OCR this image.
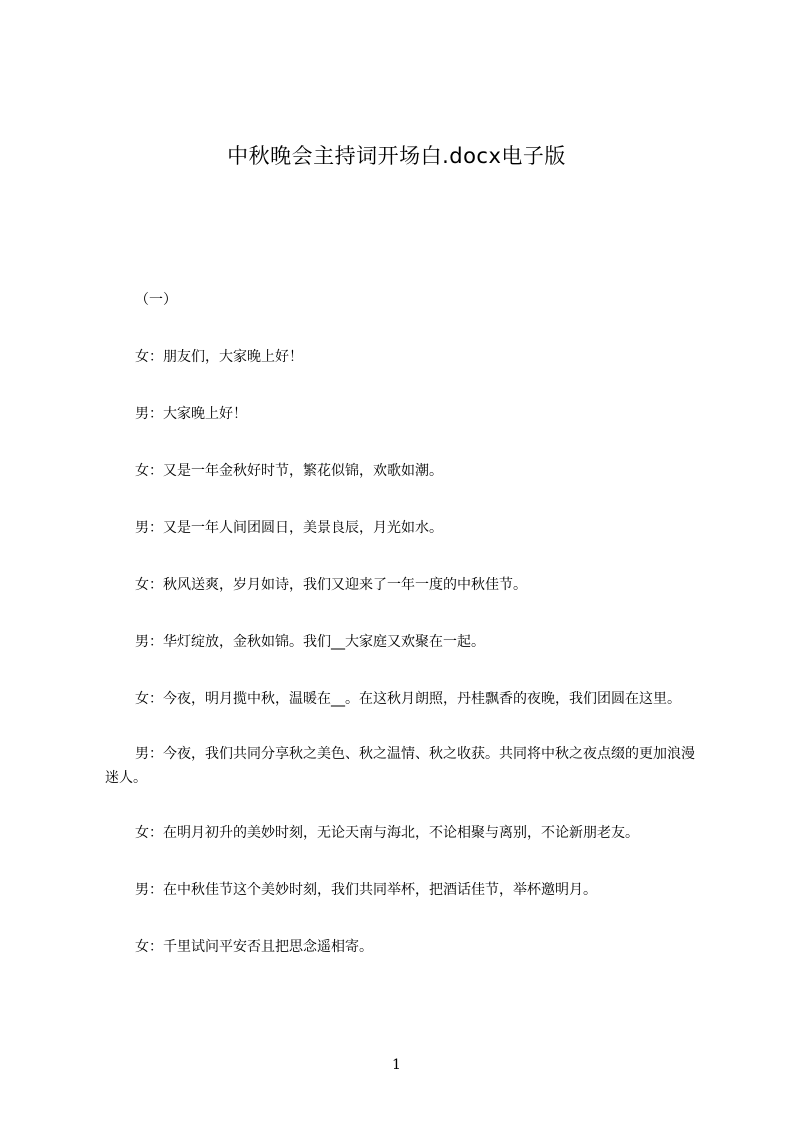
中秋晚会主持词开场白.docx电子版

（一）

女：朋友们，大家晚上好！

男：大家晚上好！

女：又是一年金秋好时节，繁花似锦，欢歌如潮。

男：又是一年人间团圆日，美景良辰，月光如水。

女：秋风送爽，岁月如诗，我们又迎来了一年一度的中秋佳节。

男：华灯绽放，金秋如锦。我们__大家庭又欢聚在一起。

女：今夜，明月揽中秋，温暖在__。在这秋月朗照，丹桂飘香的夜晚，我们团圆在这里。

男：今夜，我们共同分享秋之美色、秋之温情、秋之收获。共同将中秋之夜点缀的更加浪漫迷人。

女：在明月初升的美妙时刻，无论天南与海北，不论相聚与离别，不论新朋老友。

男：在中秋佳节这个美妙时刻，我们共同举杯，把酒话佳节，举杯邀明月。

女：千里试问平安否且把思念遥相寄。

1
